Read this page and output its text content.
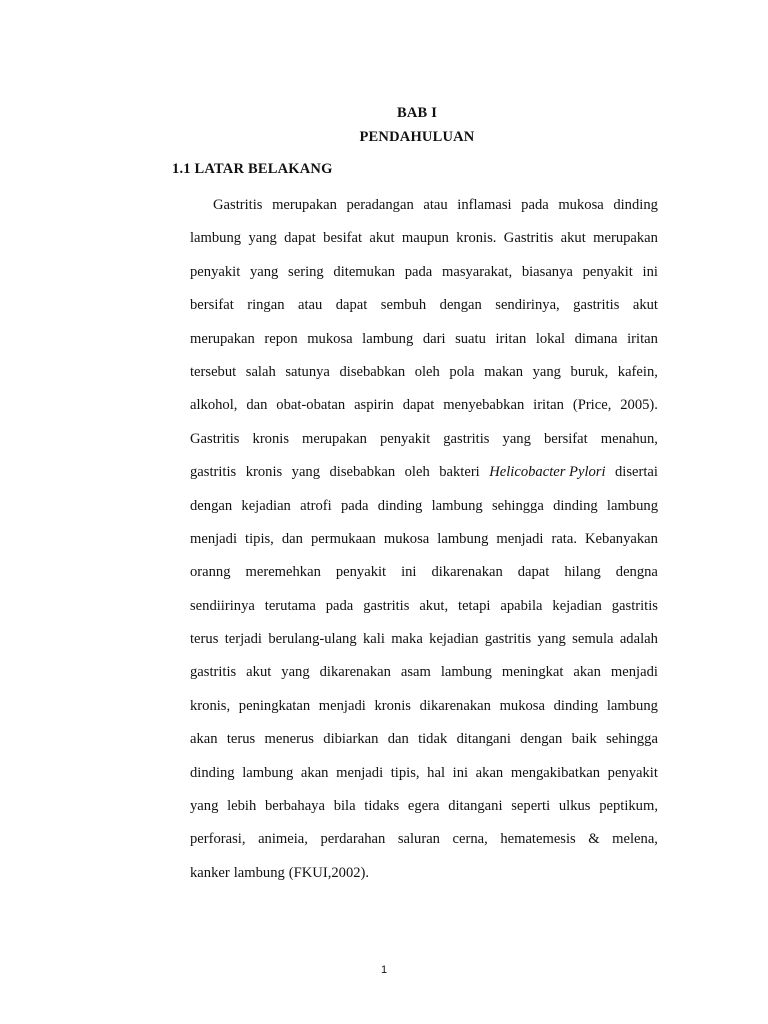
BAB I
PENDAHULUAN
1.1 LATAR BELAKANG
Gastritis merupakan peradangan atau inflamasi pada mukosa dinding
lambung yang dapat besifat akut maupun kronis. Gastritis akut merupakan
penyakit yang sering ditemukan pada masyarakat, biasanya penyakit ini
bersifat ringan atau dapat sembuh dengan sendirinya, gastritis akut
merupakan repon mukosa lambung dari suatu iritan lokal dimana iritan
tersebut salah satunya disebabkan oleh pola makan yang buruk, kafein,
alkohol, dan obat-obatan aspirin dapat menyebabkan iritan (Price, 2005).
Gastritis kronis merupakan penyakit gastritis yang bersifat menahun,
gastritis kronis yang disebabkan oleh bakteri Helicobacter Pylori disertai
dengan kejadian atrofi pada dinding lambung sehingga dinding lambung
menjadi tipis, dan permukaan mukosa lambung menjadi rata. Kebanyakan
oranng meremehkan penyakit ini dikarenakan dapat hilang dengna
sendiirinya terutama pada gastritis akut, tetapi apabila kejadian gastritis
terus terjadi berulang-ulang kali maka kejadian gastritis yang semula adalah
gastritis akut yang dikarenakan asam lambung meningkat akan menjadi
kronis, peningkatan menjadi kronis dikarenakan mukosa dinding lambung
akan terus menerus dibiarkan dan tidak ditangani dengan baik sehingga
dinding lambung akan menjadi tipis, hal ini akan mengakibatkan penyakit
yang lebih berbahaya bila tidaks egera ditangani seperti ulkus peptikum,
perforasi, animeia, perdarahan saluran cerna, hematemesis & melena,
kanker lambung (FKUI,2002).
1
